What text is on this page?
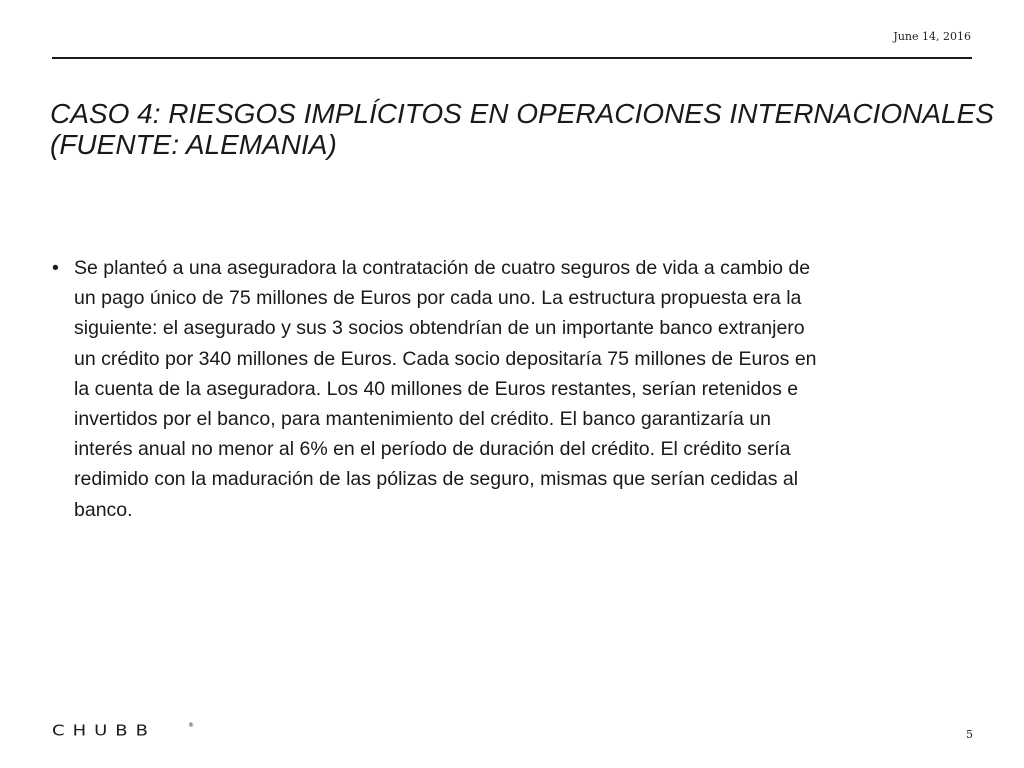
June 14, 2016
CASO 4: RIESGOS IMPLÍCITOS EN OPERACIONES INTERNACIONALES
(FUENTE: ALEMANIA)
• Se planteó a una aseguradora la contratación de cuatro seguros de vida a cambio de
un pago único de 75 millones de Euros por cada uno. La estructura propuesta era la
siguiente: el asegurado y sus 3 socios obtendrían de un importante banco extranjero
un crédito por 340 millones de Euros. Cada socio depositaría 75 millones de Euros en
la cuenta de la aseguradora. Los 40 millones de Euros restantes, serían retenidos e
invertidos por el banco, para mantenimiento del crédito. El banco garantizaría un
interés anual no menor al 6% en el período de duración del crédito. El crédito sería
redimido con la maduración de las pólizas de seguro, mismas que serían cedidas al
banco.
CHUBB	®
5
